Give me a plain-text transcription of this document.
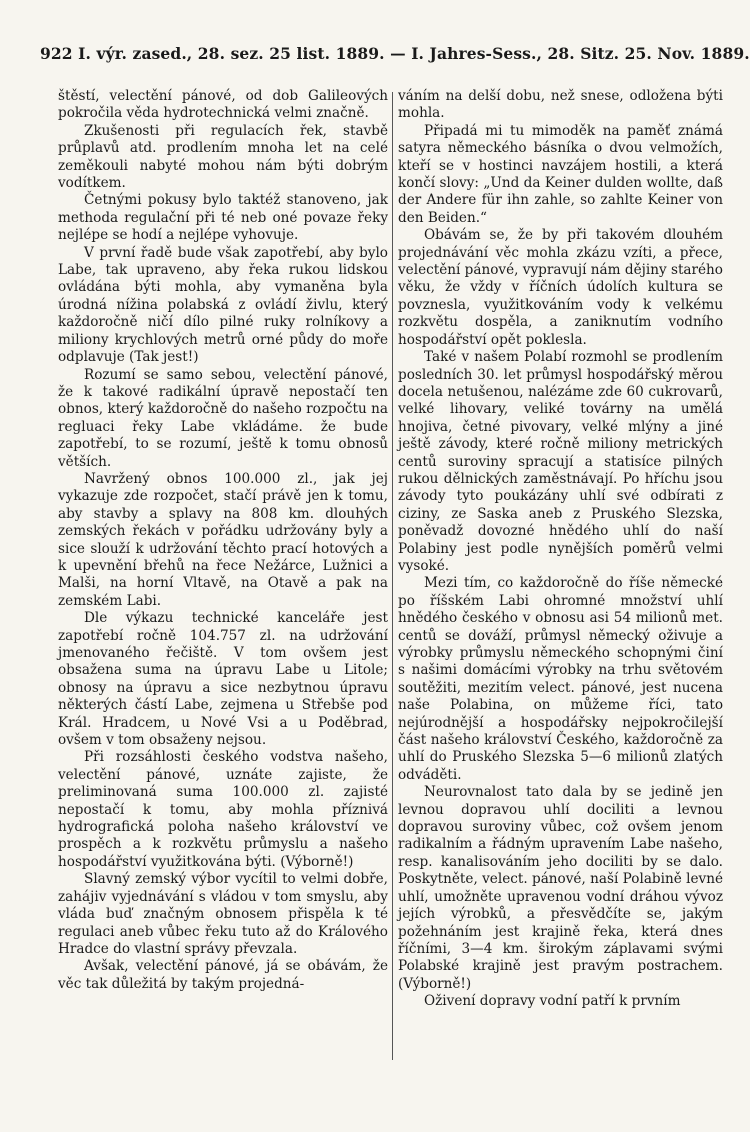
922 I. výr. zased., 28. sez. 25 list. 1889. — I. Jahres-Sess., 28. Sitz. 25. Nov. 1889.

štěstí, velectění pánové, od dob Galileových pokročila věda hydrotechnická velmi značně.

Zkušenosti při regulacích řek, stavbě průplavů atd. prodlením mnoha let na celé zeměkouli nabyté mohou nám býti dobrým vodítkem.

Četnými pokusy bylo taktéž stanoveno, jak methoda regulační při té neb oné povaze řeky nejlépe se hodí a nejlépe vyhovuje.

V první řadě bude však zapotřebí, aby bylo Labe, tak upraveno, aby řeka rukou lidskou ovládána býti mohla, aby vymaněna byla úrodná nížina polabská z ovládí živlu, který každoročně ničí dílo pilné ruky rolníkovy a miliony krychlových metrů orné půdy do moře odplavuje (Tak jest!)

Rozumí se samo sebou, velectění pánové, že k takové radikální úpravě nepostačí ten obnos, který každoročně do našeho rozpočtu na regluaci řeky Labe vkládáme. že bude zapotřebí, to se rozumí, ještě k tomu obnosů větších.

Navržený obnos 100.000 zl., jak jej vykazuje zde rozpočet, stačí právě jen k tomu, aby stavby a splavy na 808 km. dlouhých zemských řekách v pořádku udržovány byly a sice slouží k udržování těchto prací hotových a k upevnění břehů na řece Nežárce, Lužnici a Malši, na horní Vltavě, na Otavě a pak na zemském Labi.

Dle výkazu technické kanceláře jest zapotřebí ročně 104.757 zl. na udržování jmenovaného řečiště. V tom ovšem jest obsažena suma na úpravu Labe u Litole; obnosy na úpravu a sice nezbytnou úpravu některých částí Labe, zejmena u Střebše pod Král. Hradcem, u Nové Vsi a u Poděbrad, ovšem v tom obsaženy nejsou.

Při rozsáhlosti českého vodstva našeho, velectění pánové, uznáte zajiste, že preliminovaná suma 100.000 zl. zajisté nepostačí k tomu, aby mohla příznivá hydrografická poloha našeho království ve prospěch a k rozkvětu průmyslu a našeho hospodářství využitkována býti. (Výborně!)

Slavný zemský výbor vycítil to velmi dobře, zahájiv vyjednávání s vládou v tom smyslu, aby vláda buď značným obnosem přispěla k té regulaci aneb vůbec řeku tuto až do Králového Hradce do vlastní správy převzala.

Avšak, velectění pánové, já se obávám, že věc tak důležitá by takým projedná-

váním na delší dobu, než snese, odložena býti mohla.

Připadá mi tu mimoděk na paměť známá satyra německého básníka o dvou velmožích, kteří se v hostinci navzájem hostili, a která končí slovy: „Und da Keiner dulden wollte, daß der Andere für ihn zahle, so zahlte Keiner von den Beiden.“

Obávám se, že by při takovém dlouhém projednávání věc mohla zkázu vzíti, a přece, velectění pánové, vypravují nám dějiny starého věku, že vždy v říčních údolích kultura se povznesla, využitkováním vody k velkému rozkvětu dospěla, a zaniknutím vodního hospodářství opět poklesla.

Také v našem Polabí rozmohl se prodlením posledních 30. let průmysl hospodářský měrou docela netušenou, nalézáme zde 60 cukrovarů, velké lihovary, veliké továrny na umělá hnojiva, četné pivovary, velké mlýny a jiné ještě závody, které ročně miliony metrických centů suroviny spracují a statisíce pilných rukou dělnických zaměstnávají. Po hříchu jsou závody tyto poukázány uhlí své odbírati z ciziny, ze Saska aneb z Pruského Slezska, poněvadž dovozné hnědého uhlí do naší Polabiny jest podle nynějších poměrů velmi vysoké.

Mezi tím, co každoročně do říše německé po říšském Labi ohromné množství uhlí hnědého českého v obnosu asi 54 milionů met. centů se dováží, průmysl německý oživuje a výrobky průmyslu německého schopnými činí s našimi domácími výrobky na trhu světovém soutěžiti, mezitím velect. pánové, jest nucena naše Polabina, on můžeme říci, tato nejúrodnější a hospodářsky nejpokročilejší část našeho království Českého, každoročně za uhlí do Pruského Slezska 5—6 milionů zlatých odváděti.

Neurovnalost tato dala by se jedině jen levnou dopravou uhlí dociliti a levnou dopravou suroviny vůbec, což ovšem jenom radikalním a řádným upravením Labe našeho, resp. kanalisováním jeho dociliti by se dalo. Poskytněte, velect. pánové, naší Polabině levné uhlí, umožněte upravenou vodní dráhou vývoz jejích výrobků, a přesvědčíte se, jakým požehnáním jest krajině řeka, která dnes říčními, 3—4 km. širokým záplavami svými Polabské krajině jest pravým postrachem. (Výborně!)

Oživení dopravy vodní patří k prvním
